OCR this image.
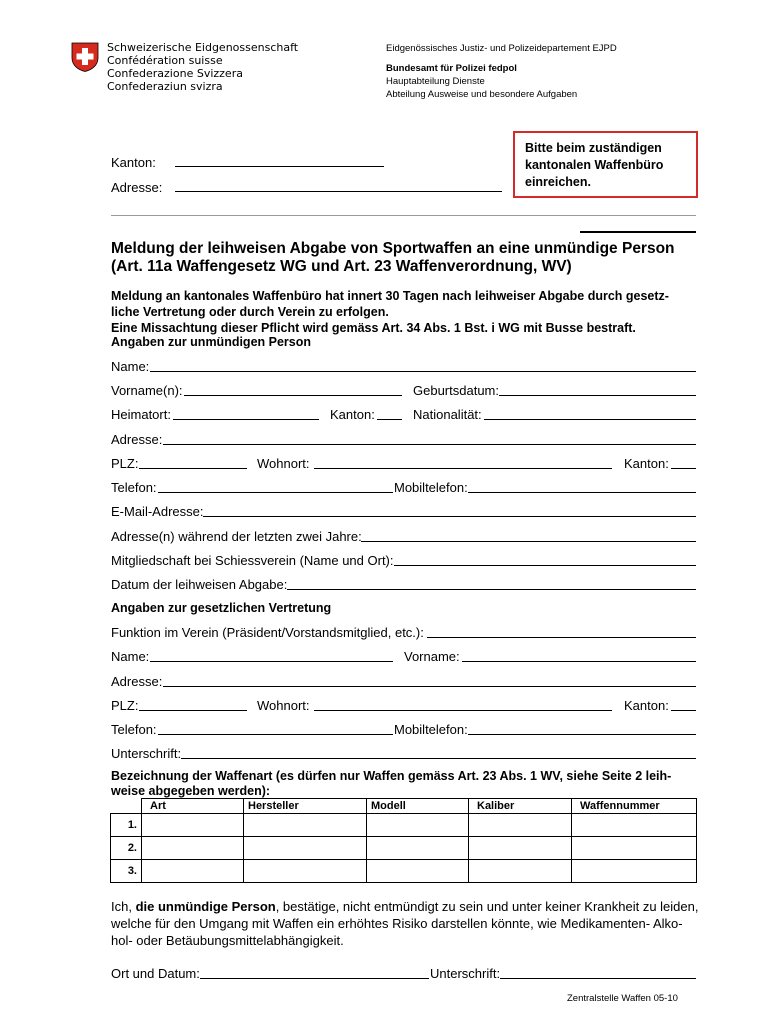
Schweizerische Eidgenossenschaft
Confédération suisse
Confederazione Svizzera
Confederaziun svizra
Eidgenössisches Justiz- und Polizeidepartement EJPD
Bundesamt für Polizei fedpol
Hauptabteilung Dienste
Abteilung Ausweise und besondere Aufgaben
Bitte beim zuständigen
kantonalen Waffenbüro
einreichen.
Kanton:
Adresse:
Meldung der leihweisen Abgabe von Sportwaffen an eine unmündige Person
(Art. 11a Waffengesetz WG und Art. 23 Waffenverordnung, WV)
Meldung an kantonales Waffenbüro hat innert 30 Tagen nach leihweiser Abgabe durch gesetz-
liche Vertretung oder durch Verein zu erfolgen.
Eine Missachtung dieser Pflicht wird gemäss Art. 34 Abs. 1 Bst. i WG mit Busse bestraft.
Angaben zur unmündigen Person
Name:
Vorname(n):	Geburtsdatum:
Heimatort:	Kanton:	Nationalität:
Adresse:
PLZ:	Wohnort:	Kanton:
Telefon:	Mobiltelefon:
E-Mail-Adresse:
Adresse(n) während der letzten zwei Jahre:
Mitgliedschaft bei Schiessverein (Name und Ort):
Datum der leihweisen Abgabe:
Angaben zur gesetzlichen Vertretung
Funktion im Verein (Präsident/Vorstandsmitglied, etc.):
Name:	Vorname:
Adresse:
PLZ:	Wohnort:	Kanton:
Telefon:	Mobiltelefon:
Unterschrift:
Bezeichnung der Waffenart (es dürfen nur Waffen gemäss Art. 23 Abs. 1 WV, siehe Seite 2 leih-
weise abgegeben werden):
	Art	Hersteller	Modell	Kaliber	Waffennummer
1.					
2.					
3.					
Ich, die unmündige Person, bestätige, nicht entmündigt zu sein und unter keiner Krankheit zu leiden,
welche für den Umgang mit Waffen ein erhöhtes Risiko darstellen könnte, wie Medikamenten- Alko-
hol- oder Betäubungsmittelabhängigkeit.
Ort und Datum:	Unterschrift:
Zentralstelle Waffen 05-10
